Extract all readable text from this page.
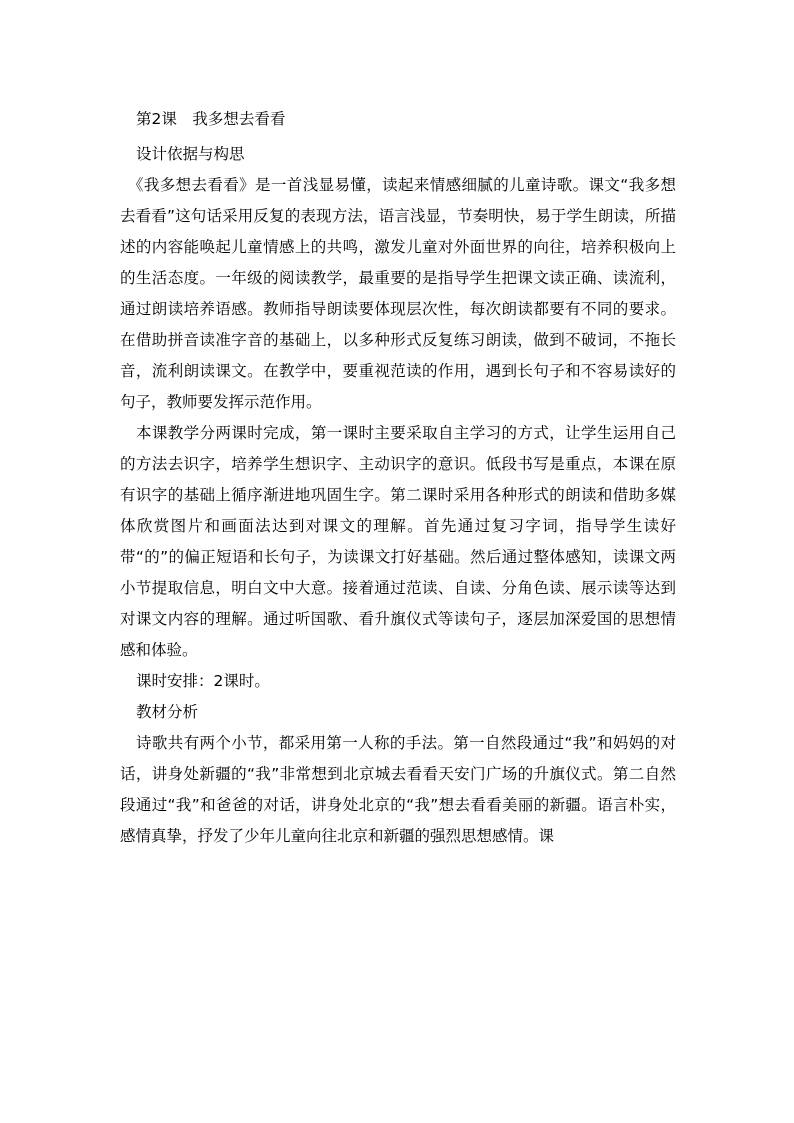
第2课　我多想去看看

设计依据与构思

《我多想去看看》是一首浅显易懂，读起来情感细腻的儿童诗歌。课文“我多想去看看”这句话采用反复的表现方法，语言浅显，节奏明快，易于学生朗读，所描述的内容能唤起儿童情感上的共鸣，激发儿童对外面世界的向往，培养积极向上的生活态度。一年级的阅读教学，最重要的是指导学生把课文读正确、读流利，通过朗读培养语感。教师指导朗读要体现层次性，每次朗读都要有不同的要求。在借助拼音读准字音的基础上，以多种形式反复练习朗读，做到不破词，不拖长音，流利朗读课文。在教学中，要重视范读的作用，遇到长句子和不容易读好的句子，教师要发挥示范作用。

本课教学分两课时完成，第一课时主要采取自主学习的方式，让学生运用自己的方法去识字，培养学生想识字、主动识字的意识。低段书写是重点，本课在原有识字的基础上循序渐进地巩固生字。第二课时采用各种形式的朗读和借助多媒体欣赏图片和画面法达到对课文的理解。首先通过复习字词，指导学生读好带“的”的偏正短语和长句子，为读课文打好基础。然后通过整体感知，读课文两小节提取信息，明白文中大意。接着通过范读、自读、分角色读、展示读等达到对课文内容的理解。通过听国歌、看升旗仪式等读句子，逐层加深爱国的思想情感和体验。

课时安排：2课时。

教材分析

诗歌共有两个小节，都采用第一人称的手法。第一自然段通过“我”和妈妈的对话，讲身处新疆的“我”非常想到北京城去看看天安门广场的升旗仪式。第二自然段通过“我”和爸爸的对话，讲身处北京的“我”想去看看美丽的新疆。语言朴实，感情真挚，抒发了少年儿童向往北京和新疆的强烈思想感情。课
